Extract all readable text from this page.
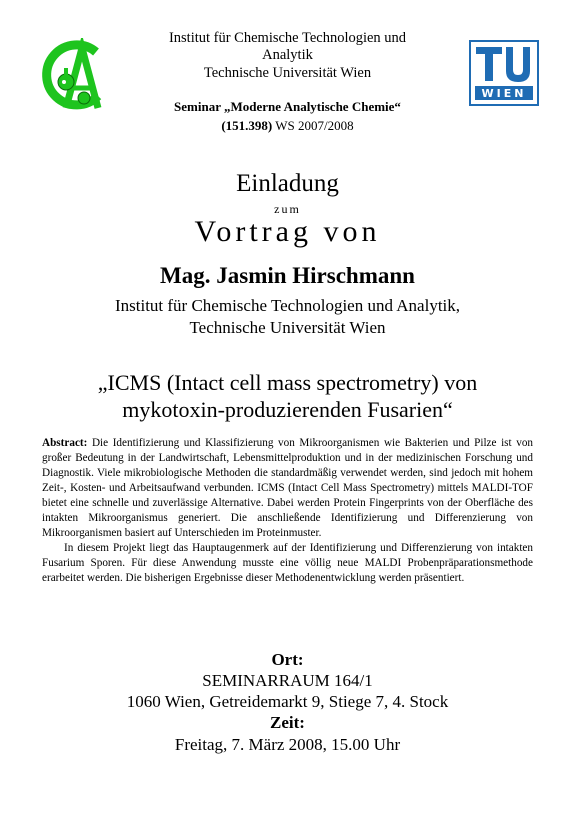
WIEN
Institut für Chemische Technologien und
Analytik
Technische Universität Wien
Seminar „Moderne Analytische Chemie“
(151.398) WS 2007/2008
Einladung
zum
Vortrag von
Mag. Jasmin Hirschmann
Institut für Chemische Technologien und Analytik,
Technische Universität Wien
„ICMS (Intact cell mass spectrometry) von
mykotoxin-produzierenden Fusarien“

Abstract: Die Identifizierung und Klassifizierung von Mikroorganismen wie Bakterien und Pilze ist von großer Bedeutung in der Landwirtschaft, Lebensmittelproduktion und in der medizinischen Forschung und Diagnostik. Viele mikrobiologische Methoden die standardmäßig verwendet werden, sind jedoch mit hohem Zeit-, Kosten- und Arbeitsaufwand verbunden. ICMS (Intact Cell Mass Spectrometry) mittels MALDI-TOF bietet eine schnelle und zuverlässige Alternative. Dabei werden Protein Fingerprints von der Oberfläche des intakten Mikroorganismus generiert. Die anschließende Identifizierung und Differenzierung von Mikroorganismen basiert auf Unterschieden im Proteinmuster.

In diesem Projekt liegt das Hauptaugenmerk auf der Identifizierung und Differenzierung von intakten Fusarium Sporen. Für diese Anwendung musste eine völlig neue MALDI Probenpräparationsmethode erarbeitet werden. Die bisherigen Ergebnisse dieser Methodenentwicklung werden präsentiert.

Ort:
SEMINARRAUM 164/1
1060 Wien, Getreidemarkt 9, Stiege 7, 4. Stock
Zeit:
Freitag, 7. März 2008, 15.00 Uhr
